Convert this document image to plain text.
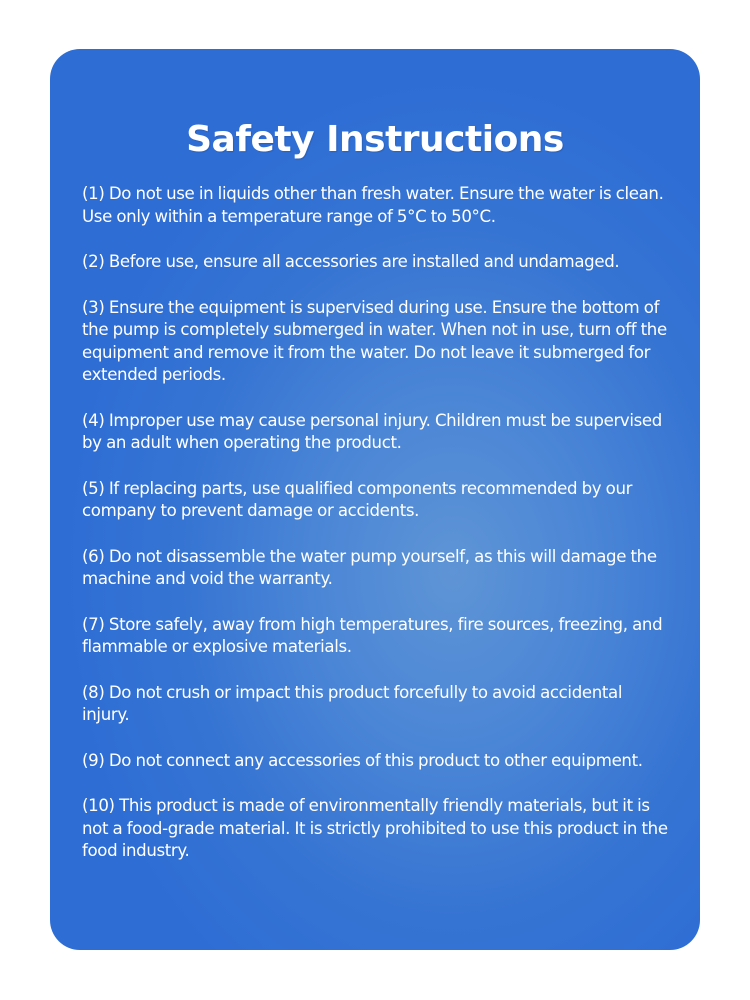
Safety Instructions
(1) Do not use in liquids other than fresh water. Ensure the water is clean. Use only within a temperature range of 5°C to 50°C.
(2) Before use, ensure all accessories are installed and undamaged.
(3) Ensure the equipment is supervised during use. Ensure the bottom of the pump is completely submerged in water. When not in use, turn off the equipment and remove it from the water. Do not leave it submerged for extended periods.
(4) Improper use may cause personal injury. Children must be supervised by an adult when operating the product.
(5) If replacing parts, use qualified components recommended by our company to prevent damage or accidents.
(6) Do not disassemble the water pump yourself, as this will damage the machine and void the warranty.
(7) Store safely, away from high temperatures, fire sources, freezing, and flammable or explosive materials.
(8) Do not crush or impact this product forcefully to avoid accidental injury.
(9) Do not connect any accessories of this product to other equipment.
(10) This product is made of environmentally friendly materials, but it is not a food-grade material. It is strictly prohibited to use this product in the food industry.
